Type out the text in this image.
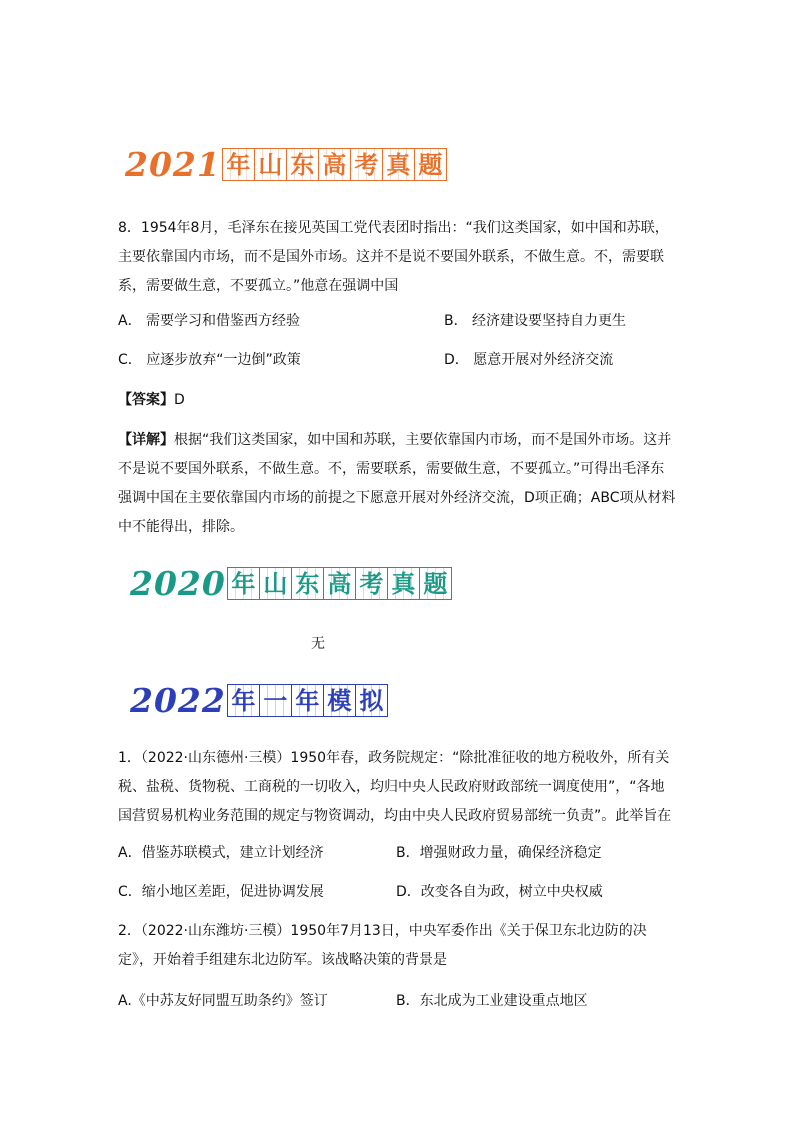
2021 年 山 东 高 考 真 题
8．1954年8月，毛泽东在接见英国工党代表团时指出：“我们这类国家，如中国和苏联，主要依靠国内市场，而不是国外市场。这并不是说不要国外联系，不做生意。不，需要联系，需要做生意，不要孤立。”他意在强调中国
A． 需要学习和借鉴西方经验	B． 经济建设要坚持自力更生
C． 应逐步放弃“一边倒”政策	D． 愿意开展对外经济交流
【答案】D
【详解】根据“我们这类国家，如中国和苏联，主要依靠国内市场，而不是国外市场。这并不是说不要国外联系，不做生意。不，需要联系，需要做生意，不要孤立。”可得出毛泽东强调中国在主要依靠国内市场的前提之下愿意开展对外经济交流，D项正确；ABC项从材料中不能得出，排除。
2020 年 山 东 高 考 真 题
无
2022 年 一 年 模 拟
1．（2022·山东德州·三模）1950年春，政务院规定：“除批准征收的地方税收外，所有关税、盐税、货物税、工商税的一切收入，均归中央人民政府财政部统一调度使用”，“各地国营贸易机构业务范围的规定与物资调动，均由中央人民政府贸易部统一负责”。此举旨在
A．借鉴苏联模式，建立计划经济	B．增强财政力量，确保经济稳定
C．缩小地区差距，促进协调发展	D．改变各自为政，树立中央权威
2．（2022·山东潍坊·三模）1950年7月13日，中央军委作出《关于保卫东北边防的决定》，开始着手组建东北边防军。该战略决策的背景是
A.《中苏友好同盟互助条约》签订	B．东北成为工业建设重点地区
